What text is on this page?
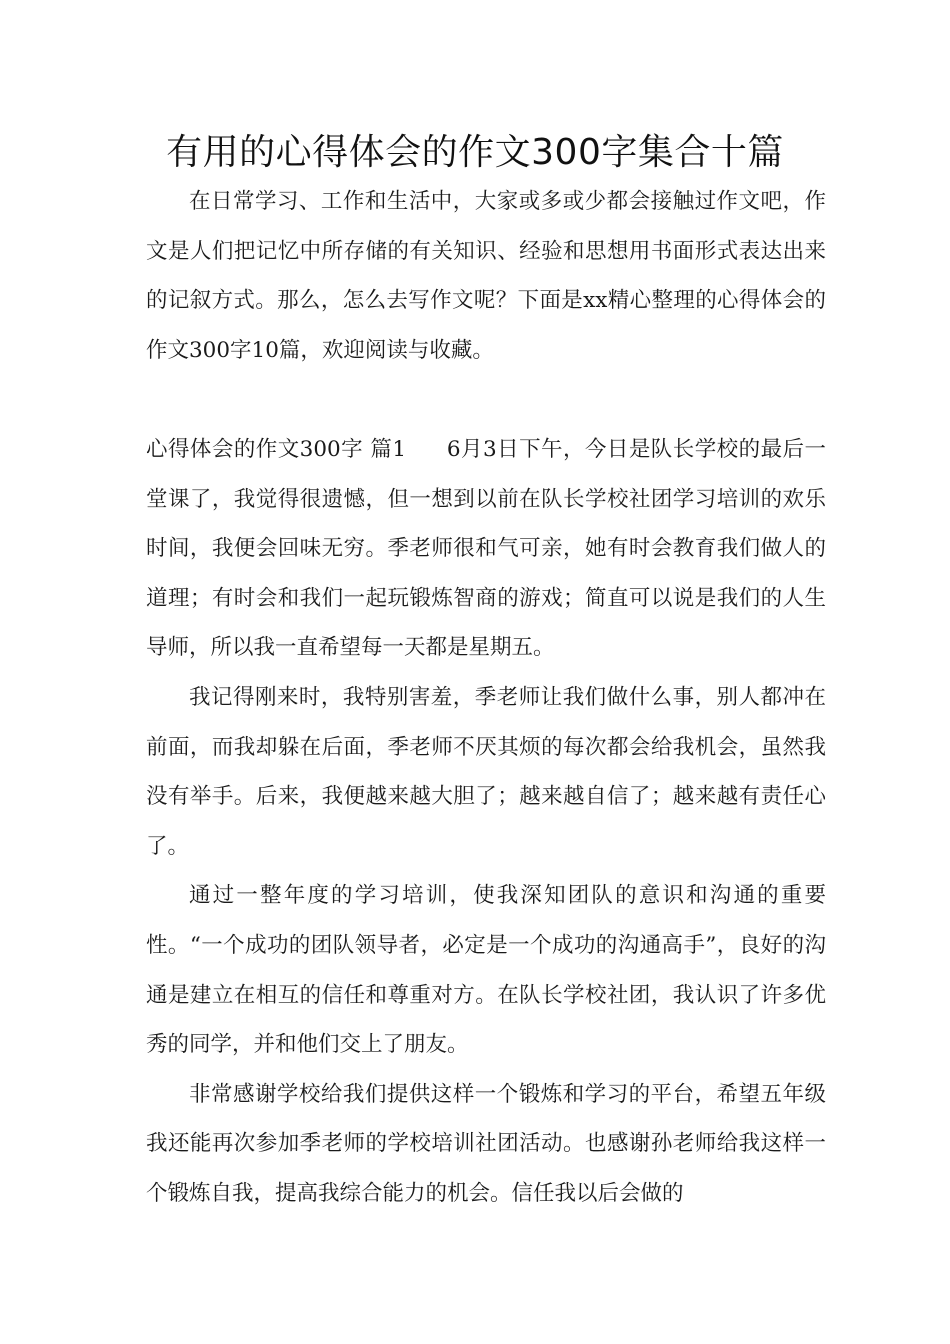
有用的心得体会的作文300字集合十篇

在日常学习、工作和生活中，大家或多或少都会接触过作文吧，作文是人们把记忆中所存储的有关知识、经验和思想用书面形式表达出来的记叙方式。那么，怎么去写作文呢？下面是xx精心整理的心得体会的作文300字10篇，欢迎阅读与收藏。

心得体会的作文300字 篇1 6月3日下午，今日是队长学校的最后一堂课了，我觉得很遗憾，但一想到以前在队长学校社团学习培训的欢乐时间，我便会回味无穷。季老师很和气可亲，她有时会教育我们做人的道理；有时会和我们一起玩锻炼智商的游戏；简直可以说是我们的人生导师，所以我一直希望每一天都是星期五。

我记得刚来时，我特别害羞，季老师让我们做什么事，别人都冲在前面，而我却躲在后面，季老师不厌其烦的每次都会给我机会，虽然我没有举手。后来，我便越来越大胆了；越来越自信了；越来越有责任心了。

通过一整年度的学习培训，使我深知团队的意识和沟通的重要性。“一个成功的团队领导者，必定是一个成功的沟通高手”，良好的沟通是建立在相互的信任和尊重对方。在队长学校社团，我认识了许多优秀的同学，并和他们交上了朋友。

非常感谢学校给我们提供这样一个锻炼和学习的平台，希望五年级我还能再次参加季老师的学校培训社团活动。也感谢孙老师给我这样一个锻炼自我，提高我综合能力的机会。信任我以后会做的
